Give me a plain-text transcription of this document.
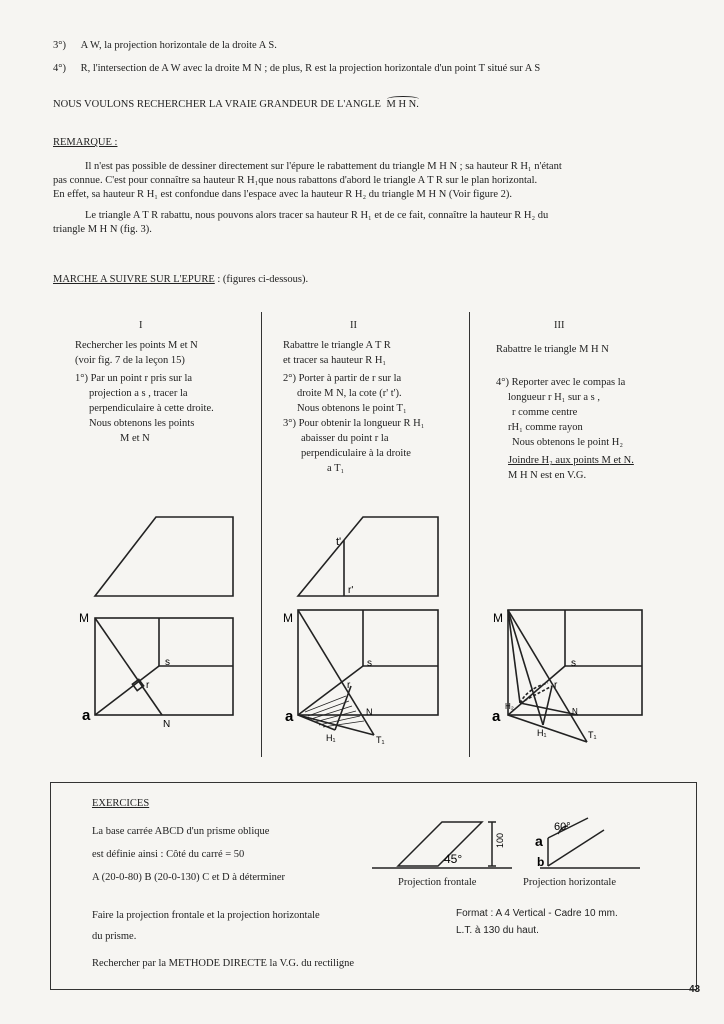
3°) A W, la projection horizontale de la droite A S.
4°) R, l'intersection de A W avec la droite M N ; de plus, R est la projection horizontale d'un point T situé sur A S
NOUS VOULONS RECHERCHER LA VRAIE GRANDEUR DE L'ANGLE M H N.
REMARQUE :
Il n'est pas possible de dessiner directement sur l'épure le rabattement du triangle M H N ; sa hauteur R H₁ n'étant
pas connue. C'est pour connaître sa hauteur R H₁que nous rabattons d'abord le triangle A T R sur le plan horizontal.
En effet, sa hauteur R H₁ est confondue dans l'espace avec la hauteur R H₂ du triangle M H N (Voir figure 2).
Le triangle A T R rabattu, nous pouvons alors tracer sa hauteur R H₁ et de ce fait, connaître la hauteur R H₂ du
triangle M H N (fig. 3).
MARCHE A SUIVRE SUR L'EPURE : (figures ci-dessous).
I
Rechercher les points M et N
(voir fig. 7 de la leçon 15)
1°) Par un point r pris sur la
projection a s , tracer la
perpendiculaire à cette droite.
Nous obtenons les points
M et N
II
Rabattre le triangle A T R
et tracer sa hauteur R H₁
2°) Porter à partir de r sur la
droite M N, la cote (r' t').
Nous obtenons le point T₁
3°) Pour obtenir la longueur R H₁
abaisser du point r la
perpendiculaire à la droite
a T₁
III
Rabattre le triangle M H N
4°) Reporter avec le compas la
longueur r H₁ sur a s ,
r comme centre
rH₁ comme rayon
Nous obtenons le point H₂
Joindre H₂ aux points M et N.
M H N est en V.G.
M
a
s
r
N
t'
r'
M
a
s
r
N
H₁	T₁
M
a
s
r
H₂
N
H₁	T₁
EXERCICES
La base carrée ABCD d'un prisme oblique
est définie ainsi : Côté du carré = 50
A (20-0-80) B (20-0-130) C et D à déterminer
Faire la projection frontale et la projection horizontale
du prisme.
Rechercher par la METHODE DIRECTE la V.G. du rectiligne
45°
100
60°
a
b
Projection frontale	Projection horizontale
Format : A 4 Vertical - Cadre 10 mm.
L.T. à 130 du haut.
43
